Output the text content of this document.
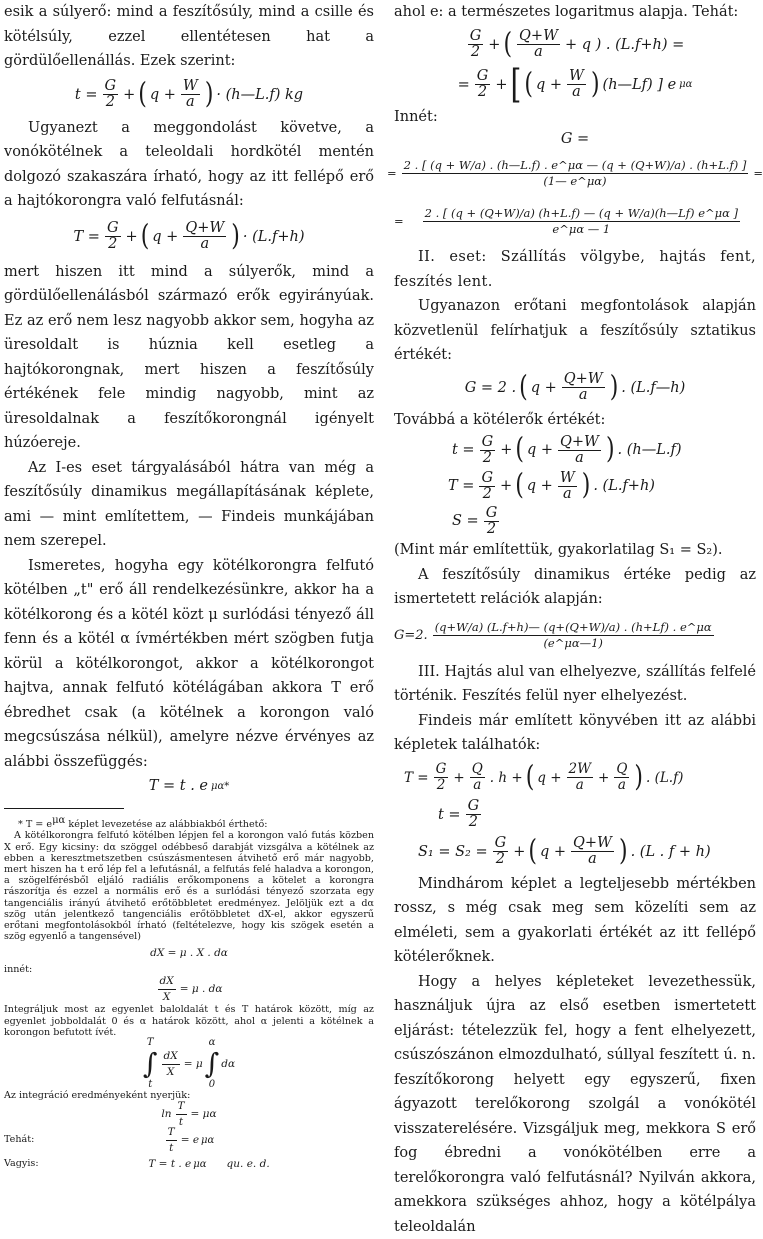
esik a súlyerő: mind a feszítősúly, mind a csille és kötélsúly, ezzel ellentétesen hat a gördülőellenállás. Ezek szerint:

$t = \frac{G}{2}$ + ( $q + \frac{W}{a}$ ) · (h—L.f) kg

Ugyanezt a meggondolást követve, a vonókötélnek a teleoldali hordkötél mentén dolgozó szakaszára írható, hogy az itt fellépő erő a hajtókorongra való felfutásnál:

$T = \frac{G}{2}$ + ( $q + \frac{Q+W}{a}$ ) · (L.f+h)

mert hiszen itt mind a súlyerők, mind a gördülőellenálásból származó erők egyirányúak. Ez az erő nem lesz nagyobb akkor sem, hogyha az üresoldalt is húznia kell esetleg a hajtókorongnak, mert hiszen a feszítősúly értékének fele mindig nagyobb, mint az üresoldalnak a feszítőkorongnál igényelt húzóereje.

Az I-es eset tárgyalásából hátra van még a feszítősúly dinamikus megállapításának képlete, ami — mint említettem, — Findeis munkájában nem szerepel.

Ismeretes, hogyha egy kötélkorongra felfutó kötélben „t" erő áll rendelkezésünkre, akkor ha a kötélkorong és a kötél közt μ surlódási tényező áll fenn és a kötél α ívmértékben mért szögben futja körül a kötélkorongot, akkor a kötélkorongot hajtva, annak felfutó kötélágában akkora T erő ébredhet csak (a kötélnek a korongon való megcsúszása nélkül), amelyre nézve érvényes az alábbi összefüggés:

T = t . e μα*

* T = eμα képlet levezetése az alábbiakból érthető:

A kötélkorongra felfutó kötélben lépjen fel a korongon való futás közben X erő. Egy kicsiny: dα szöggel odébbeső darabját vizsgálva a kötélnek az ebben a keresztmetszetben csúszásmentesen átvihető erő már nagyobb, mert hiszen ha t erő lép fel a lefutásnál, a felfutás felé haladva a korongon, a szögelférésből eljáló radiális erőkomponens a kötelet a korongra rászorítja és ezzel a normális erő és a surlódási tényező szorzata egy tangenciális irányú átvihető erőtöbbletet eredményez. Jelöljük ezt a dα szög után jelentkező tangenciális erőtöbbletet dX-el, akkor egyszerű erőtani megfontolásokból írható (feltételezve, hogy kis szögek esetén a szög egyenlő a tangensével)

dX = μ . X . dα

innét:

$\frac{dX}{X} = \mu$ . dα

Integráljuk most az egyenlet baloldalát t és T határok között, míg az egyenlet jobboldalát 0 és α határok között, ahol α jelenti a kötélnek a korongon befutott ívét.

T
∫
t
$\frac{dX}{X} = \mu$
α
∫
0
dα

Az integráció eredményeként nyerjük:

$\ln \frac{T}{t} = \mu\alpha$
Tehát:	$\frac{T}{t} = e$ μα
Vagyis:	T = t . e μα qu. e. d.

ahol e: a természetes logaritmus alapja. Tehát:

$\frac{G}{2}$ + ( $\frac{Q+W}{a} + q$ ) . (L.f+h) =
= $\frac{G}{2}$ + [ ( $q + \frac{W}{a}$ ) (h—Lf) ] e μα

Innét:

G =
= $\frac{2 . [ (q + W/a) . (h—L.f) . e\^{}\mu\alpha — (q + (Q+W)/a) . (h+L.f) ]}{(1— e\^{}\mu\alpha)}$ =
= $\frac{2 . [ (q + (Q+W)/a) (h+L.f) — (q + W/a)(h—Lf) e\^{}\mu\alpha ]}{e\^{}\mu\alpha — 1}$

II. eset: Szállítás völgybe, hajtás fent, feszítés lent.

Ugyanazon erőtani megfontolások alapján közvetlenül felírhatjuk a feszítősúly sztatikus értékét:

G = 2 . ( $q + \frac{Q+W}{a}$ ) . (L.f—h)

Továbbá a kötélerők értékét:

$t = \frac{G}{2}$ + ( $q + \frac{Q+W}{a}$ ) . (h—L.f)
$T = \frac{G}{2}$ + ( $q + \frac{W}{a}$ ) . (L.f+h)
$S = \frac{G}{2}$

(Mint már említettük, gyakorlatilag S₁ = S₂).

A feszítősúly dinamikus értéke pedig az ismertetett relációk alapján:

G=2. $\frac{(q+W/a) (L.f+h)— (q+(Q+W)/a) . (h+Lf) . e\^{}\mu\alpha}{(e\^{}\mu\alpha—1)}$

III. Hajtás alul van elhelyezve, szállítás felfelé történik. Feszítés felül nyer elhelyezést.

Findeis már említett könyvében itt az alábbi képletek találhatók:

$T = \frac{G}{2} + \frac{Q}{a}$ . h + ( $q + \frac{2W}{a} + \frac{Q}{a}$ ) . (L.f)
$t = \frac{G}{2}$
$S_1 = S_2 = \frac{G}{2}$ + ( $q + \frac{Q+W}{a}$ ) . (L . f + h)

Mindhárom képlet a legteljesebb mértékben rossz, s még csak meg sem közelíti sem az elméleti, sem a gyakorlati értékét az itt fellépő kötélerőknek.

Hogy a helyes képleteket levezethessük, használjuk újra az első esetben ismertetett eljárást: tételezzük fel, hogy a fent elhelyezett, csúszószánon elmozdulható, súllyal feszített ú. n. feszítőkorong helyett egy egyszerű, fixen ágyazott terelőkorong szolgál a vonókötél visszaterelésére. Vizsgáljuk meg, mekkora S erő fog ébredni a vonókötélben erre a terelőkorongra való felfutásnál? Nyilván akkora, amekkora szükséges ahhoz, hogy a kötélpálya teleoldalán
